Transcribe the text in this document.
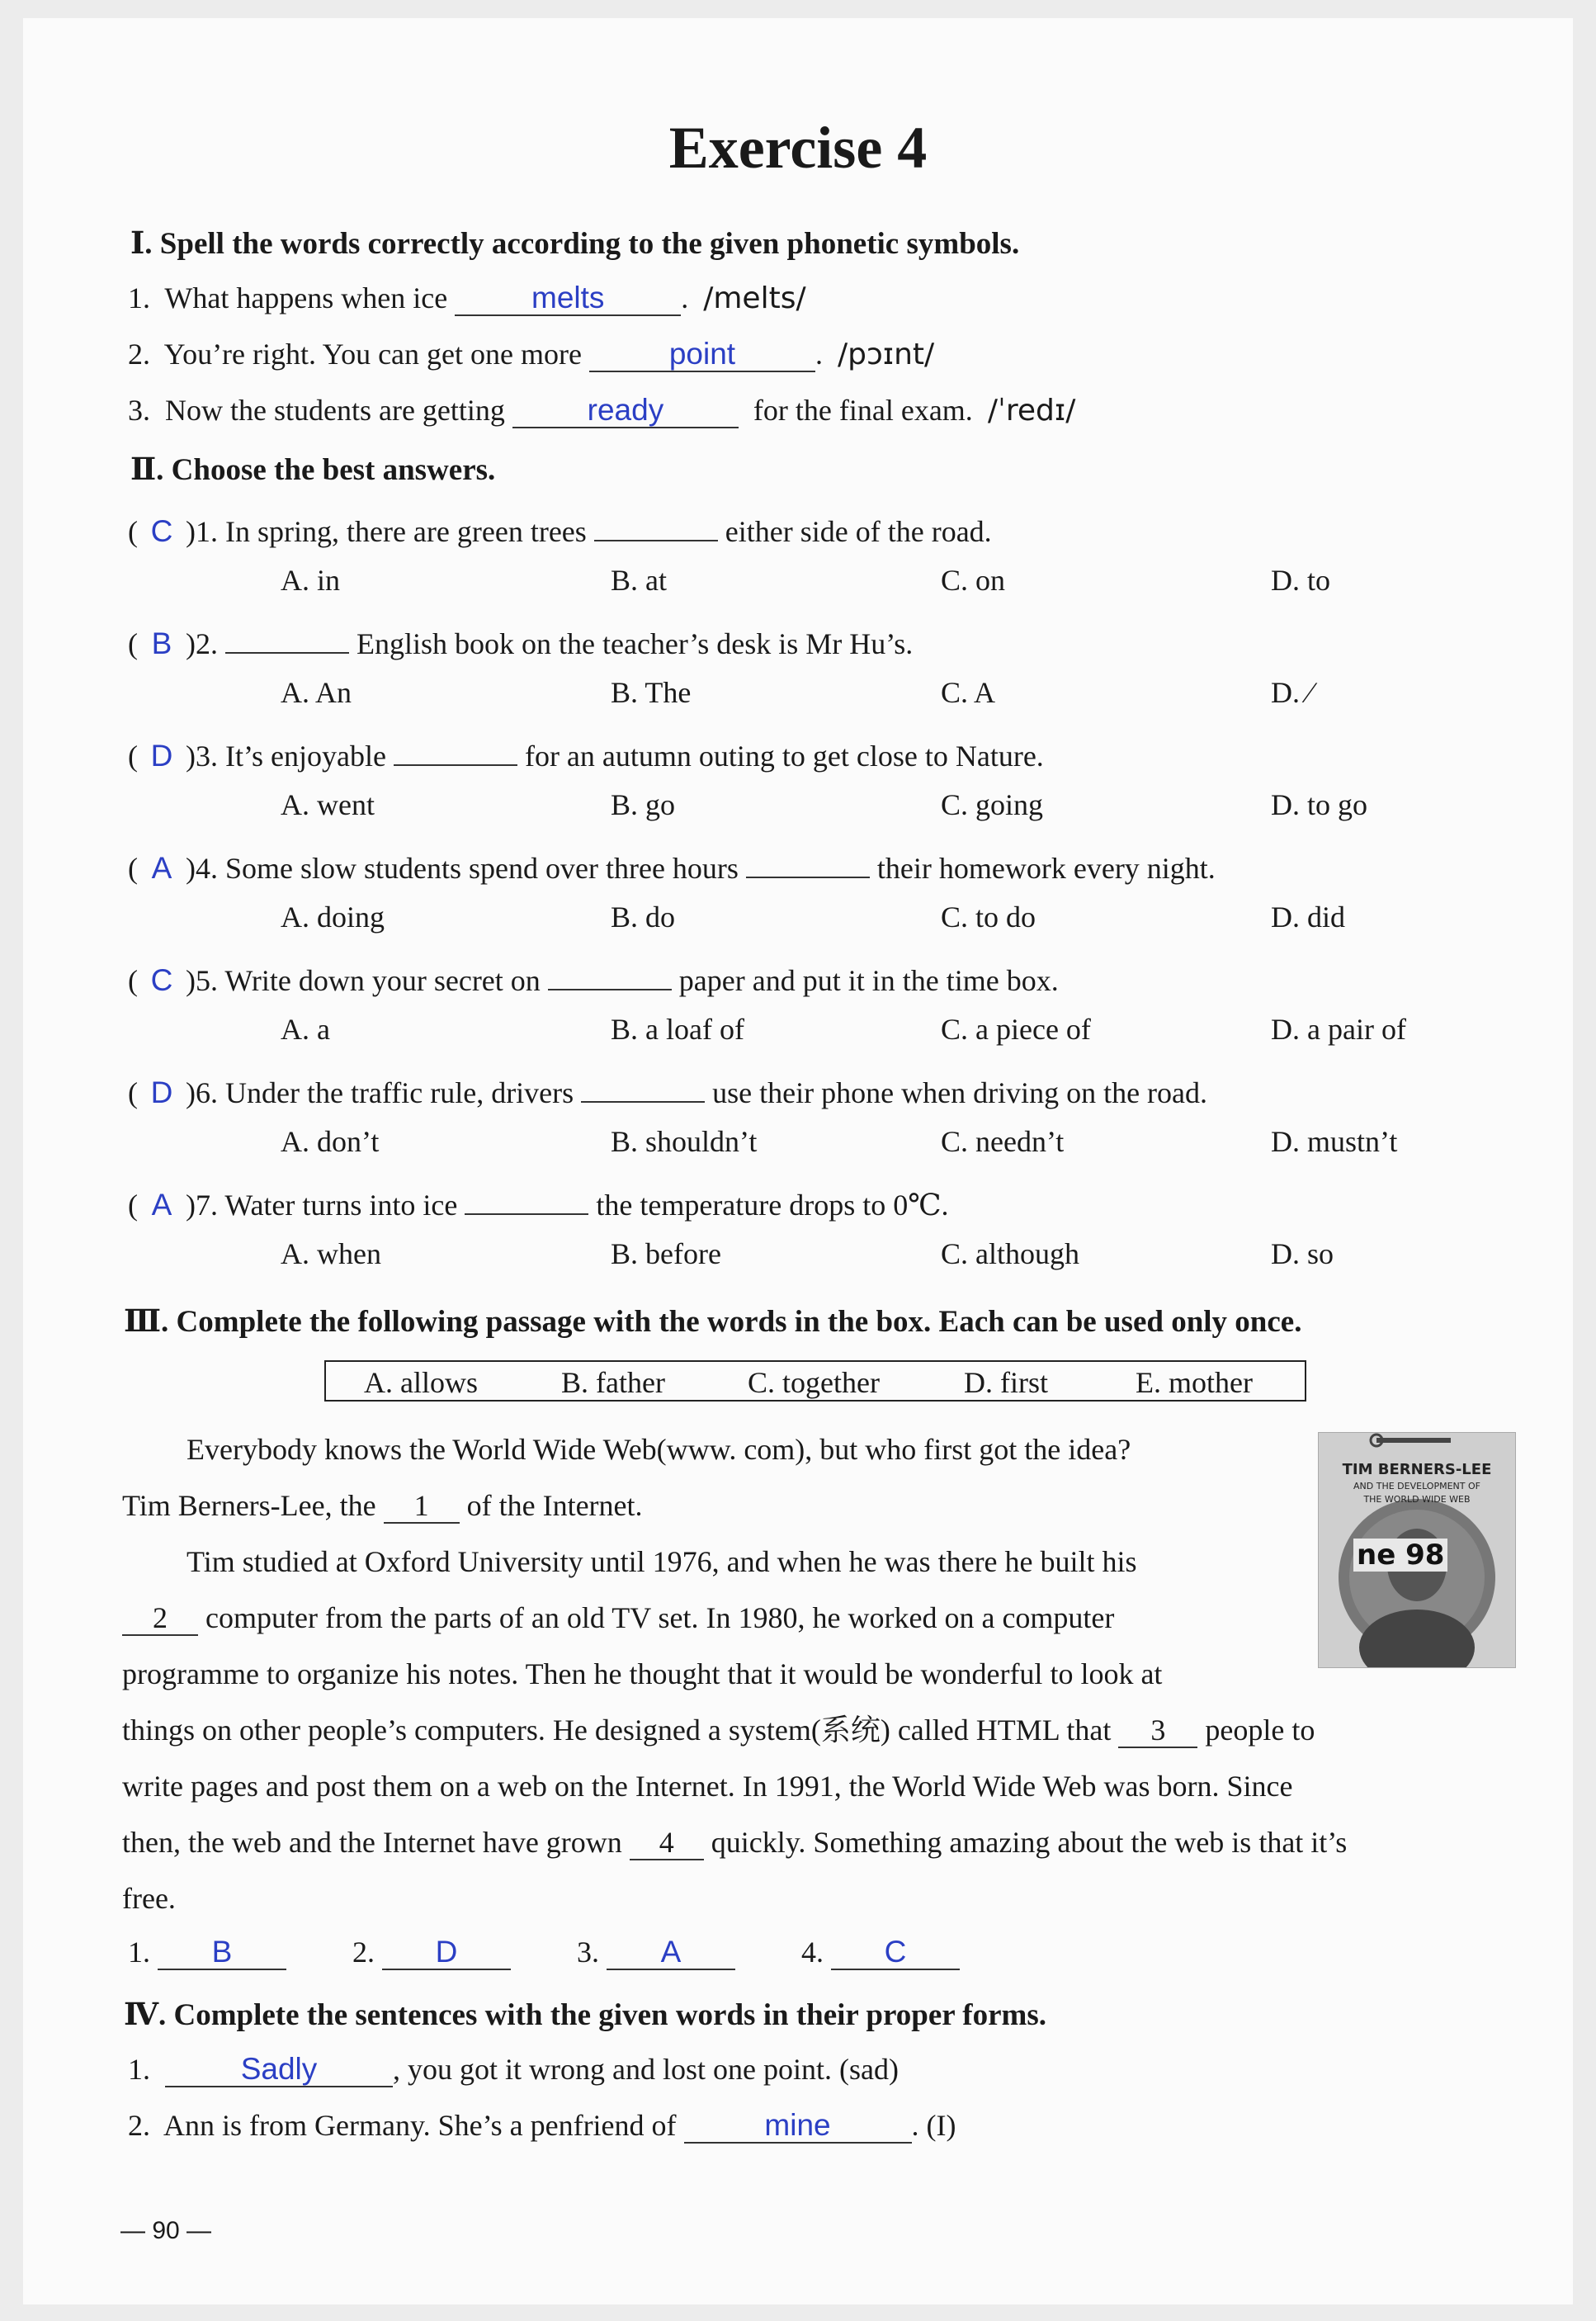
Exercise 4
Ⅰ. Spell the words correctly according to the given phonetic symbols.
1. What happens when ice	melts	. /melts/
2. You’re right. You can get one more	point	. /pɔɪnt/
3. Now the students are getting	ready	for the final exam. /ˈredɪ/
Ⅱ. Choose the best answers.
( C )1. In spring, there are green trees	either side of the road.
A. in	B. at	C. on	D. to
( B )2.	English book on the teacher’s desk is Mr Hu’s.
A. An	B. The	C. A	D. ∕
( D )3. It’s enjoyable	for an autumn outing to get close to Nature.
A. went	B. go	C. going	D. to go
( A )4. Some slow students spend over three hours	their homework every night.
A. doing	B. do	C. to do	D. did
( C )5. Write down your secret on	paper and put it in the time box.
A. a	B. a loaf of	C. a piece of	D. a pair of
( D )6. Under the traffic rule, drivers	use their phone when driving on the road.
A. don’t	B. shouldn’t	C. needn’t	D. mustn’t
( A )7. Water turns into ice	the temperature drops to 0℃.
A. when	B. before	C. although	D. so
Ⅲ. Complete the following passage with the words in the box. Each can be used only once.
A. allows	B. father	C. together	D. first	E. mother
TIM BERNERS-LEE
AND THE DEVELOPMENT OF
THE WORLD WIDE WEB
ne 98
Everybody knows the World Wide Web(www. com), but who first got the idea?
Tim Berners-Lee, the 1 of the Internet.
Tim studied at Oxford University until 1976, and when he was there he built his
2 computer from the parts of an old TV set. In 1980, he worked on a computer
programme to organize his notes. Then he thought that it would be wonderful to look at
things on other people’s computers. He designed a system(系统) called HTML that 3 people to
write pages and post them on a web on the Internet. In 1991, the World Wide Web was born. Since
then, the web and the Internet have grown 4 quickly. Something amazing about the web is that it’s
free.
1. B	2. D	3. A	4. C
Ⅳ. Complete the sentences with the given words in their proper forms.
1.	Sadly	, you got it wrong and lost one point. (sad)
2. Ann is from Germany. She’s a penfriend of	mine	. (I)
— 90 —
